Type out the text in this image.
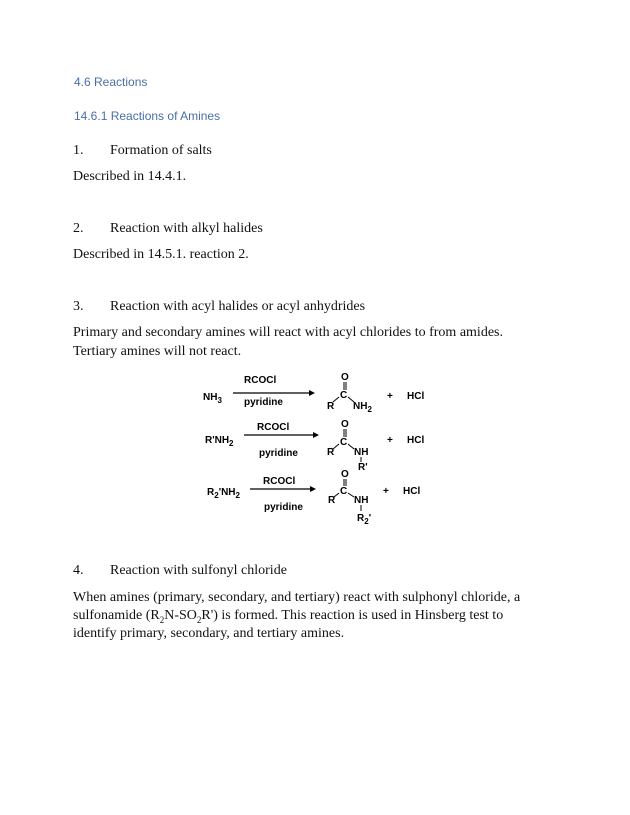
4.6 Reactions
14.6.1 Reactions of Amines
1. Formation of salts
Described in 14.4.1.
2. Reaction with alkyl halides
Described in 14.5.1. reaction 2.
3. Reaction with acyl halides or acyl anhydrides
Primary and secondary amines will react with acyl chlorides to from amides.
Tertiary amines will not react.
$NH_3$
RCOCl
pyridine
O
C
R $NH_2$
+ HCl
$R'NH_2$
RCOCl
pyridine
O
C
R NH
R'
+ HCl
$R_2'NH_2$
RCOCl
pyridine
O
C
R NH
$R_2'$
+ HCl
4. Reaction with sulfonyl chloride
When amines (primary, secondary, and tertiary) react with sulphonyl chloride, a
sulfonamide $(R_2N-SO_2R')$ is formed. This reaction is used in Hinsberg test to
identify primary, secondary, and tertiary amines.
